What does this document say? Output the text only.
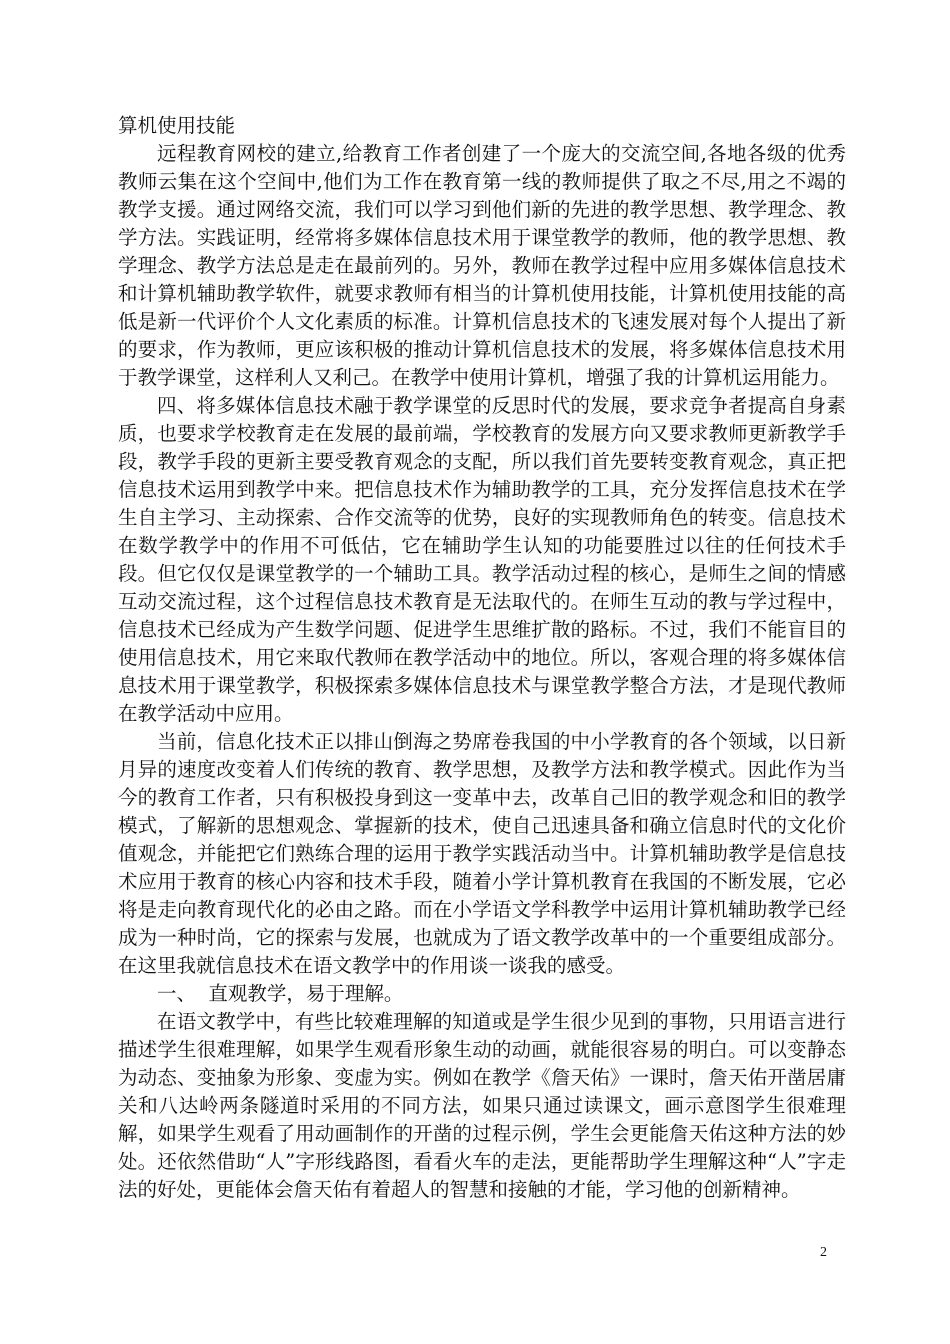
算机使用技能

远程教育网校的建立,给教育工作者创建了一个庞大的交流空间,各地各级的优秀教师云集在这个空间中,他们为工作在教育第一线的教师提供了取之不尽,用之不竭的教学支援。通过网络交流，我们可以学习到他们新的先进的教学思想、教学理念、教学方法。实践证明，经常将多媒体信息技术用于课堂教学的教师，他的教学思想、教学理念、教学方法总是走在最前列的。另外，教师在教学过程中应用多媒体信息技术和计算机辅助教学软件，就要求教师有相当的计算机使用技能，计算机使用技能的高低是新一代评价个人文化素质的标准。计算机信息技术的飞速发展对每个人提出了新的要求，作为教师，更应该积极的推动计算机信息技术的发展，将多媒体信息技术用于教学课堂，这样利人又利己。在教学中使用计算机，增强了我的计算机运用能力。

四、将多媒体信息技术融于教学课堂的反思时代的发展，要求竞争者提高自身素质，也要求学校教育走在发展的最前端，学校教育的发展方向又要求教师更新教学手段，教学手段的更新主要受教育观念的支配，所以我们首先要转变教育观念，真正把信息技术运用到教学中来。把信息技术作为辅助教学的工具，充分发挥信息技术在学生自主学习、主动探索、合作交流等的优势，良好的实现教师角色的转变。信息技术在数学教学中的作用不可低估，它在辅助学生认知的功能要胜过以往的任何技术手段。但它仅仅是课堂教学的一个辅助工具。教学活动过程的核心，是师生之间的情感互动交流过程，这个过程信息技术教育是无法取代的。在师生互动的教与学过程中，信息技术已经成为产生数学问题、促进学生思维扩散的路标。不过，我们不能盲目的使用信息技术，用它来取代教师在教学活动中的地位。所以，客观合理的将多媒体信息技术用于课堂教学，积极探索多媒体信息技术与课堂教学整合方法，才是现代教师在教学活动中应用。

当前，信息化技术正以排山倒海之势席卷我国的中小学教育的各个领域，以日新月异的速度改变着人们传统的教育、教学思想，及教学方法和教学模式。因此作为当今的教育工作者，只有积极投身到这一变革中去，改革自己旧的教学观念和旧的教学模式，了解新的思想观念、掌握新的技术，使自己迅速具备和确立信息时代的文化价值观念，并能把它们熟练合理的运用于教学实践活动当中。计算机辅助教学是信息技术应用于教育的核心内容和技术手段，随着小学计算机教育在我国的不断发展，它必将是走向教育现代化的必由之路。而在小学语文学科教学中运用计算机辅助教学已经成为一种时尚，它的探索与发展，也就成为了语文教学改革中的一个重要组成部分。在这里我就信息技术在语文教学中的作用谈一谈我的感受。

一、  直观教学，易于理解。

在语文教学中，有些比较难理解的知道或是学生很少见到的事物，只用语言进行描述学生很难理解，如果学生观看形象生动的动画，就能很容易的明白。可以变静态为动态、变抽象为形象、变虚为实。例如在教学《詹天佑》一课时，詹天佑开凿居庸关和八达岭两条隧道时采用的不同方法，如果只通过读课文，画示意图学生很难理解，如果学生观看了用动画制作的开凿的过程示例，学生会更能詹天佑这种方法的妙处。还依然借助“人”字形线路图，看看火车的走法，更能帮助学生理解这种“人”字走法的好处，更能体会詹天佑有着超人的智慧和接触的才能，学习他的创新精神。

2
